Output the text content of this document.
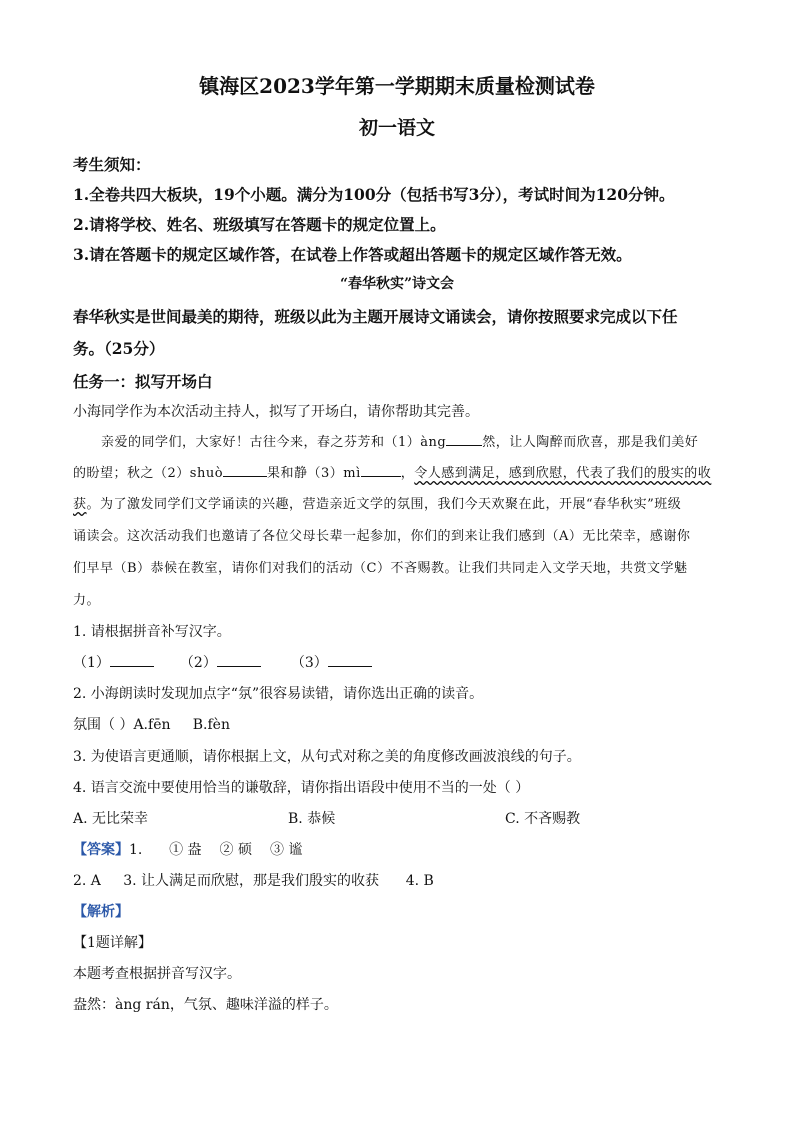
镇海区2023学年第一学期期末质量检测试卷
初一语文
考生须知：
1.全卷共四大板块，19个小题。满分为100分（包括书写3分），考试时间为120分钟。
2.请将学校、姓名、班级填写在答题卡的规定位置上。
3.请在答题卡的规定区域作答，在试卷上作答或超出答题卡的规定区域作答无效。
“春华秋实”诗文会
春华秋实是世间最美的期待，班级以此为主题开展诗文诵读会，请你按照要求完成以下任
务。（25分）
任务一：拟写开场白
小海同学作为本次活动主持人，拟写了开场白，请你帮助其完善。
亲爱的同学们，大家好！古往今来，春之芬芳和（1）àng	然，让人陶醉而欣喜，那是我们美好
的盼望；秋之（2）shuò	果和静（3）mì	，令人感到满足，感到欣慰，代表了我们的殷实的收
获。为了激发同学们文学诵读的兴趣，营造亲近文学的氛围，我们今天欢聚在此，开展“春华秋实”班级
诵读会。这次活动我们也邀请了各位父母长辈一起参加，你们的到来让我们感到（A）无比荣幸，感谢你
们早早（B）恭候在教室，请你们对我们的活动（C）不吝赐教。让我们共同走入文学天地，共赏文学魅
力。
1. 请根据拼音补写汉字。
（1）	（2）	（3）
2. 小海朗读时发现加点字“氛”很容易读错，请你选出正确的读音。
氛围（ ）A.fēn B.fèn
3. 为使语言更通顺，请你根据上文，从句式对称之美的角度修改画波浪线的句子。
4. 语言交流中要使用恰当的谦敬辞，请你指出语段中使用不当的一处（ ）
A. 无比荣幸	B. 恭候	C. 不吝赐教
【答案】1. ① 盎 ② 硕 ③ 谧
2. A 3. 让人满足而欣慰，那是我们殷实的收获 4. B
【解析】
【1题详解】
本题考查根据拼音写汉字。
盎然：àng rán，气氛、趣味洋溢的样子。
